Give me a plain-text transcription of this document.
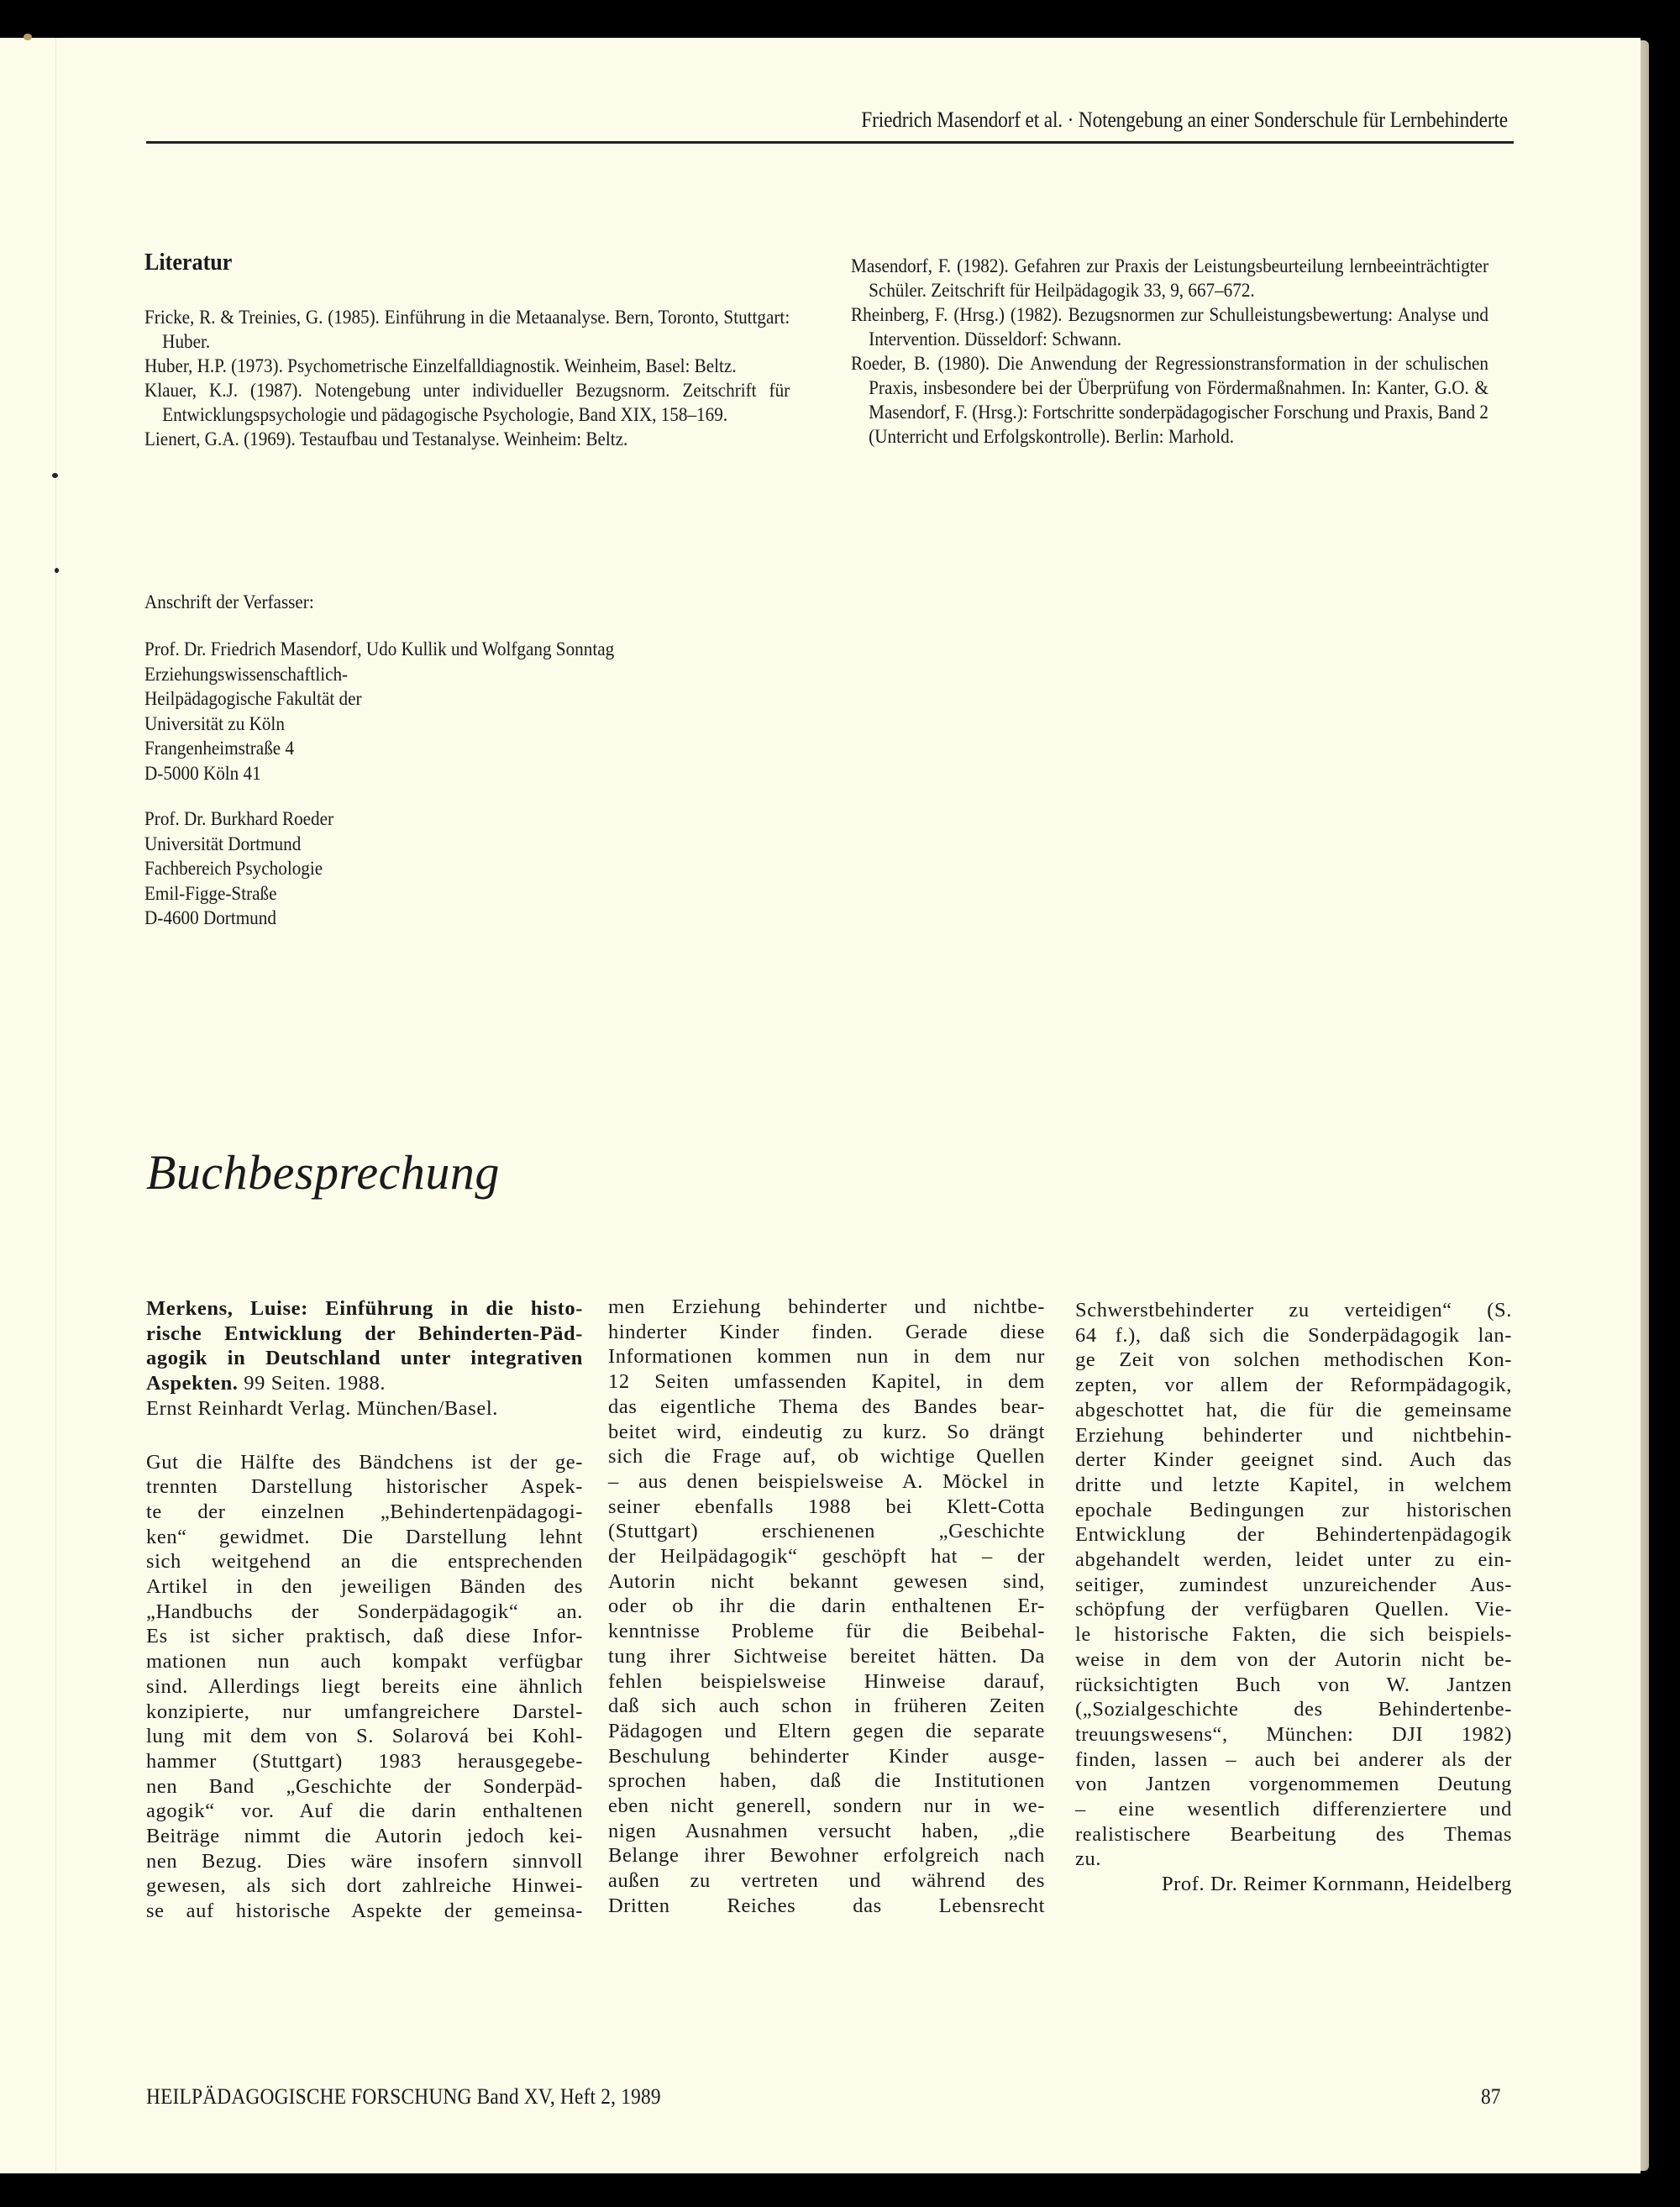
Friedrich Masendorf et al. · Notengebung an einer Sonderschule für Lernbehinderte
Literatur

Fricke, R. & Treinies, G. (1985). Einführung in die Metaanalyse. Bern, Toronto, Stuttgart: Huber.

Huber, H.P. (1973). Psychometrische Einzelfalldiagnostik. Weinheim, Basel: Beltz.

Klauer, K.J. (1987). Notengebung unter individueller Bezugsnorm. Zeitschrift für Entwicklungspsychologie und pädagogische Psychologie, Band XIX, 158–169.

Lienert, G.A. (1969). Testaufbau und Testanalyse. Weinheim: Beltz.

Masendorf, F. (1982). Gefahren zur Praxis der Leistungsbeurteilung lernbeeinträchtigter Schüler. Zeitschrift für Heilpädagogik 33, 9, 667–672.

Rheinberg, F. (Hrsg.) (1982). Bezugsnormen zur Schulleistungsbewertung: Analyse und Intervention. Düsseldorf: Schwann.

Roeder, B. (1980). Die Anwendung der Regressionstransformation in der schulischen Praxis, insbesondere bei der Überprüfung von Fördermaßnahmen. In: Kanter, G.O. & Masendorf, F. (Hrsg.): Fortschritte sonderpädagogischer Forschung und Praxis, Band 2 (Unterricht und Erfolgskontrolle). Berlin: Marhold.

Anschrift der Verfasser:
Prof. Dr. Friedrich Masendorf, Udo Kullik und Wolfgang Sonntag
Erziehungswissenschaftlich-
Heilpädagogische Fakultät der
Universität zu Köln
Frangenheimstraße 4
D-5000 Köln 41
Prof. Dr. Burkhard Roeder
Universität Dortmund
Fachbereich Psychologie
Emil-Figge-Straße
D-4600 Dortmund
Buchbesprechung
Merkens, Luise: Einführung in die histo-
rische Entwicklung der Behinderten-Päd-
agogik in Deutschland unter integrativen
Aspekten. 99 Seiten. 1988.
Ernst Reinhardt Verlag. München/Basel.
Gut die Hälfte des Bändchens ist der ge-
trennten Darstellung historischer Aspek-
te der einzelnen „Behindertenpädagogi-
ken“ gewidmet. Die Darstellung lehnt
sich weitgehend an die entsprechenden
Artikel in den jeweiligen Bänden des
„Handbuchs der Sonderpädagogik“ an.
Es ist sicher praktisch, daß diese Infor-
mationen nun auch kompakt verfügbar
sind. Allerdings liegt bereits eine ähnlich
konzipierte, nur umfangreichere Darstel-
lung mit dem von S. Solarová bei Kohl-
hammer (Stuttgart) 1983 herausgegebe-
nen Band „Geschichte der Sonderpäd-
agogik“ vor. Auf die darin enthaltenen
Beiträge nimmt die Autorin jedoch kei-
nen Bezug. Dies wäre insofern sinnvoll
gewesen, als sich dort zahlreiche Hinwei-
se auf historische Aspekte der gemeinsa-
men Erziehung behinderter und nichtbe-
hinderter Kinder finden. Gerade diese
Informationen kommen nun in dem nur
12 Seiten umfassenden Kapitel, in dem
das eigentliche Thema des Bandes bear-
beitet wird, eindeutig zu kurz. So drängt
sich die Frage auf, ob wichtige Quellen
– aus denen beispielsweise A. Möckel in
seiner ebenfalls 1988 bei Klett-Cotta
(Stuttgart) erschienenen „Geschichte
der Heilpädagogik“ geschöpft hat – der
Autorin nicht bekannt gewesen sind,
oder ob ihr die darin enthaltenen Er-
kenntnisse Probleme für die Beibehal-
tung ihrer Sichtweise bereitet hätten. Da
fehlen beispielsweise Hinweise darauf,
daß sich auch schon in früheren Zeiten
Pädagogen und Eltern gegen die separate
Beschulung behinderter Kinder ausge-
sprochen haben, daß die Institutionen
eben nicht generell, sondern nur in we-
nigen Ausnahmen versucht haben, „die
Belange ihrer Bewohner erfolgreich nach
außen zu vertreten und während des
Dritten Reiches das Lebensrecht
Schwerstbehinderter zu verteidigen“ (S.
64 f.), daß sich die Sonderpädagogik lan-
ge Zeit von solchen methodischen Kon-
zepten, vor allem der Reformpädagogik,
abgeschottet hat, die für die gemeinsame
Erziehung behinderter und nichtbehin-
derter Kinder geeignet sind. Auch das
dritte und letzte Kapitel, in welchem
epochale Bedingungen zur historischen
Entwicklung der Behindertenpädagogik
abgehandelt werden, leidet unter zu ein-
seitiger, zumindest unzureichender Aus-
schöpfung der verfügbaren Quellen. Vie-
le historische Fakten, die sich beispiels-
weise in dem von der Autorin nicht be-
rücksichtigten Buch von W. Jantzen
(„Sozialgeschichte des Behindertenbe-
treuungswesens“, München: DJI 1982)
finden, lassen – auch bei anderer als der
von Jantzen vorgenommemen Deutung
– eine wesentlich differenziertere und
realistischere Bearbeitung des Themas
zu.
Prof. Dr. Reimer Kornmann, Heidelberg
HEILPÄDAGOGISCHE FORSCHUNG Band XV, Heft 2, 1989	87
